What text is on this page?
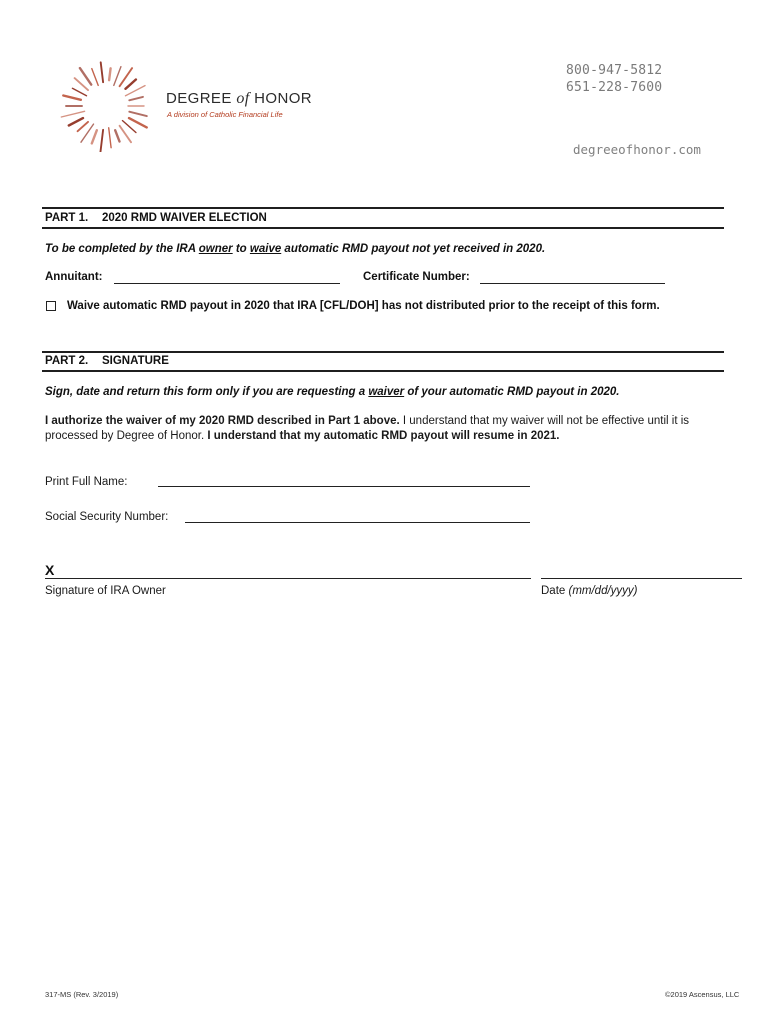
DEGREE of HONOR
A division of Catholic Financial Life
800-947-5812
651-228-7600
degreeofhonor.com
PART 1. 2020 RMD WAIVER ELECTION
To be completed by the IRA owner to waive automatic RMD payout not yet received in 2020.
Annuitant:	Certificate Number:
Waive automatic RMD payout in 2020 that IRA [CFL/DOH] has not distributed prior to the receipt of this form.
PART 2. SIGNATURE
Sign, date and return this form only if you are requesting a waiver of your automatic RMD payout in 2020.
I authorize the waiver of my 2020 RMD described in Part 1 above. I understand that my waiver will not be effective until it is processed by Degree of Honor. I understand that my automatic RMD payout will resume in 2021.
Print Full Name:
Social Security Number:
X
Signature of IRA Owner	Date (mm/dd/yyyy)
317-MS (Rev. 3/2019)	©2019 Ascensus, LLC
